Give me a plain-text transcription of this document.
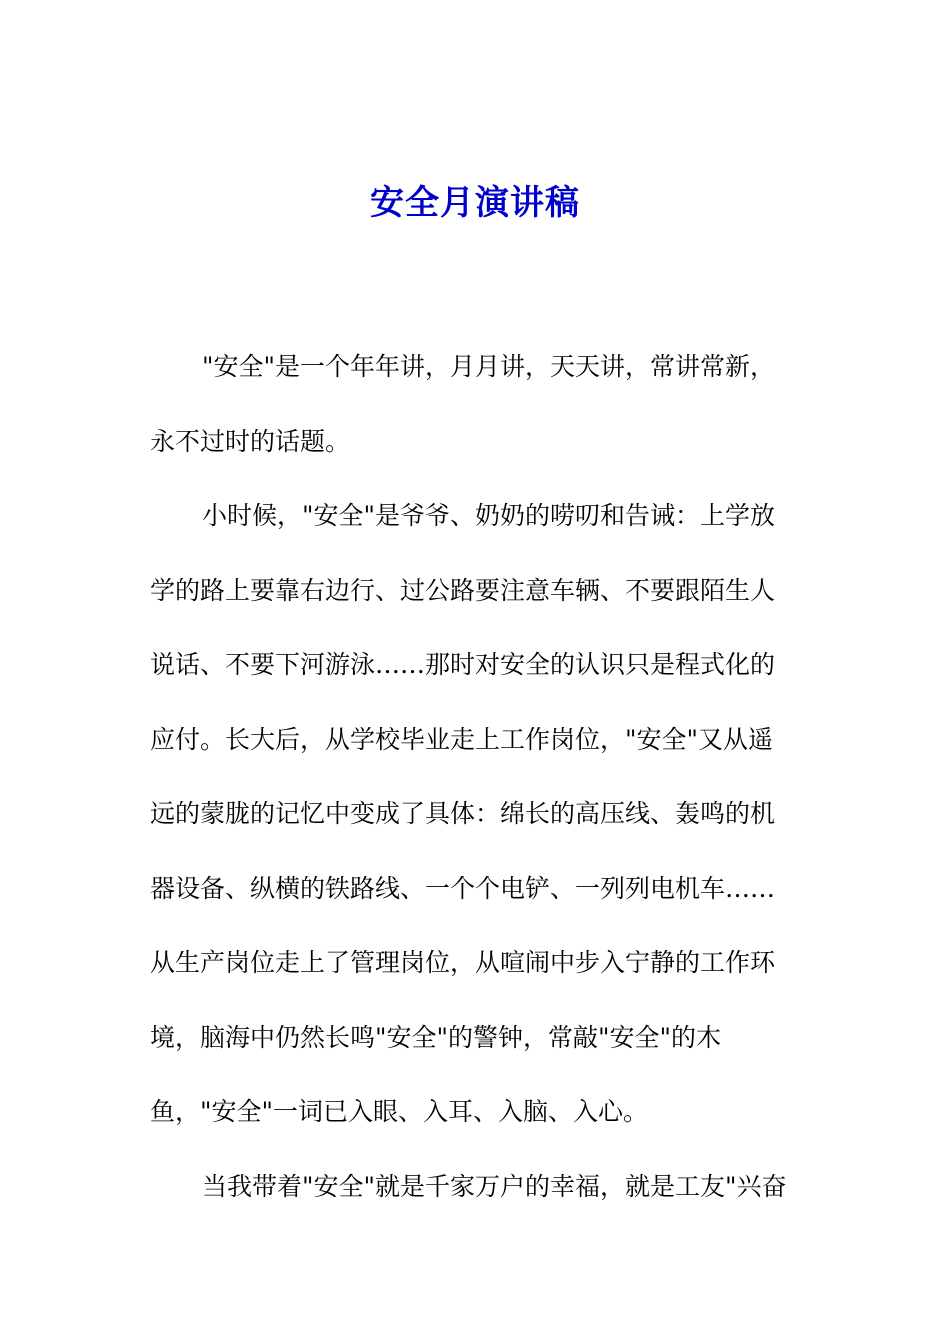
安全月演讲稿
"安全"是一个年年讲，月月讲，天天讲，常讲常新，
永不过时的话题。
小时候，"安全"是爷爷、奶奶的唠叨和告诫：上学放
学的路上要靠右边行、过公路要注意车辆、不要跟陌生人
说话、不要下河游泳……那时对安全的认识只是程式化的
应付。长大后，从学校毕业走上工作岗位，"安全"又从遥
远的蒙胧的记忆中变成了具体：绵长的高压线、轰鸣的机
器设备、纵横的铁路线、一个个电铲、一列列电机车……
从生产岗位走上了管理岗位，从喧闹中步入宁静的工作环
境，脑海中仍然长鸣"安全"的警钟，常敲"安全"的木
鱼，"安全"一词已入眼、入耳、入脑、入心。
当我带着"安全"就是千家万户的幸福，就是工友"兴奋
